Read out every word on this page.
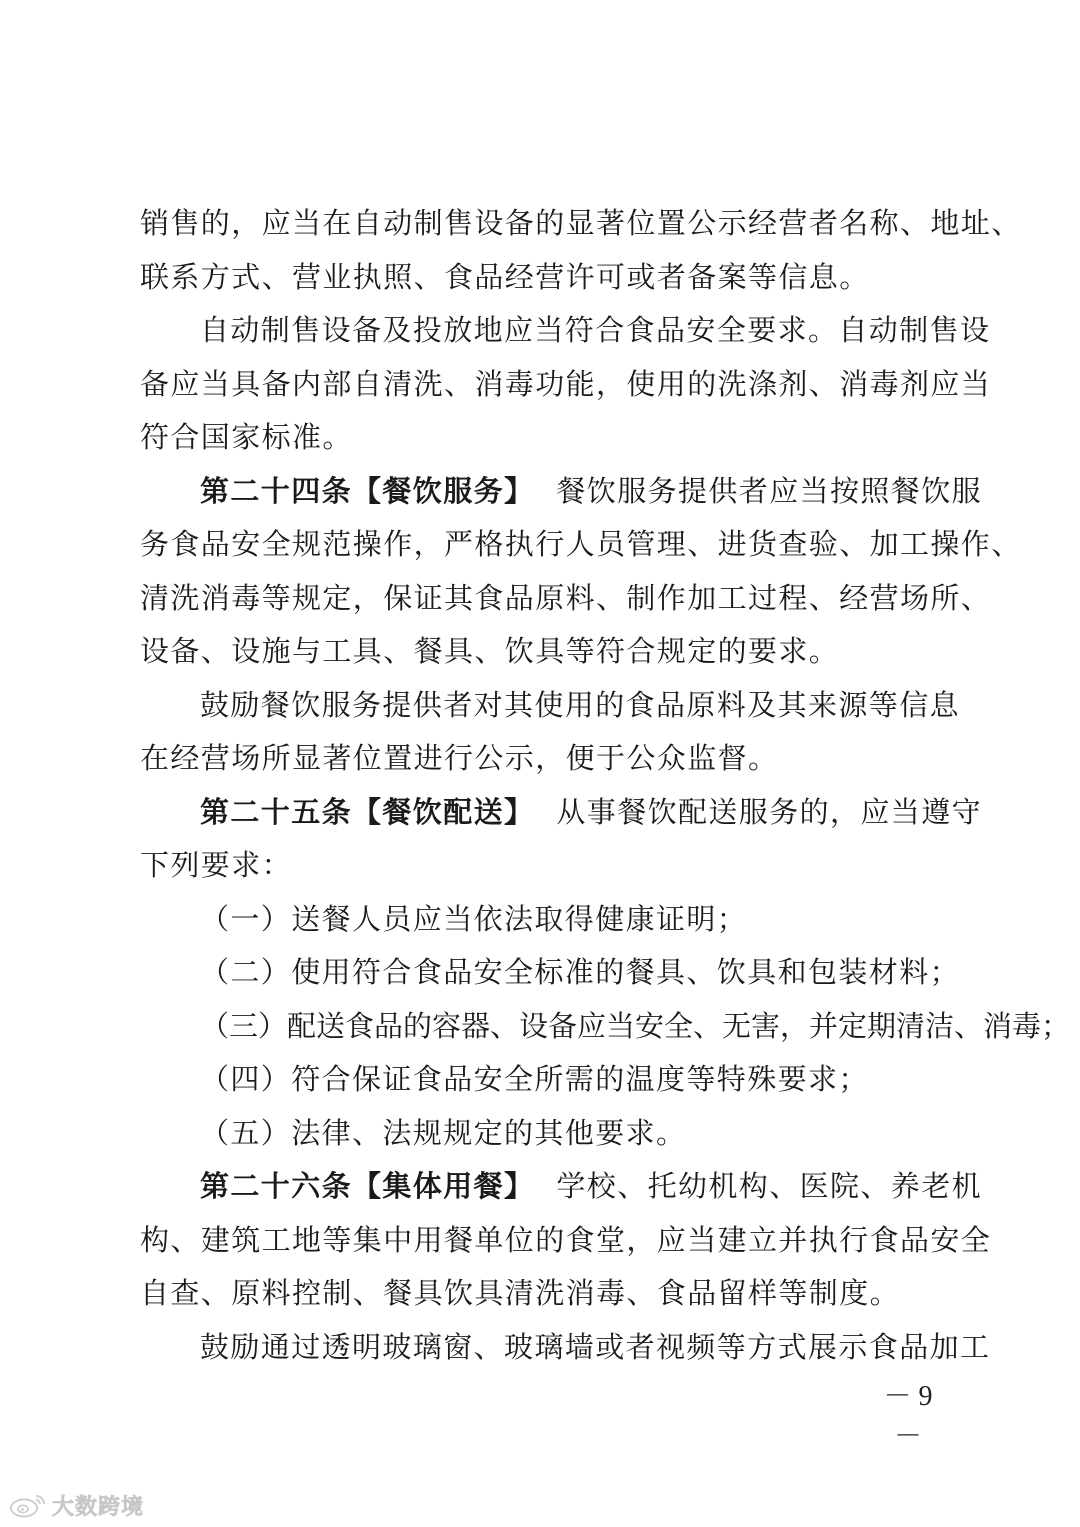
销售的，应当在自动制售设备的显著位置公示经营者名称、地址、
联系方式、营业执照、食品经营许可或者备案等信息。
自动制售设备及投放地应当符合食品安全要求。自动制售设
备应当具备内部自清洗、消毒功能，使用的洗涤剂、消毒剂应当
符合国家标准。
第二十四条【餐饮服务】 餐饮服务提供者应当按照餐饮服
务食品安全规范操作，严格执行人员管理、进货查验、加工操作、
清洗消毒等规定，保证其食品原料、制作加工过程、经营场所、
设备、设施与工具、餐具、饮具等符合规定的要求。
鼓励餐饮服务提供者对其使用的食品原料及其来源等信息
在经营场所显著位置进行公示，便于公众监督。
第二十五条【餐饮配送】 从事餐饮配送服务的，应当遵守
下列要求：
（一）送餐人员应当依法取得健康证明；
（二）使用符合食品安全标准的餐具、饮具和包装材料；
（三）配送食品的容器、设备应当安全、无害，并定期清洁、消毒；
（四）符合保证食品安全所需的温度等特殊要求；
（五）法律、法规规定的其他要求。
第二十六条【集体用餐】 学校、托幼机构、医院、养老机
构、建筑工地等集中用餐单位的食堂，应当建立并执行食品安全
自查、原料控制、餐具饮具清洗消毒、食品留样等制度。
鼓励通过透明玻璃窗、玻璃墙或者视频等方式展示食品加工
－ 9 －
大数跨境
